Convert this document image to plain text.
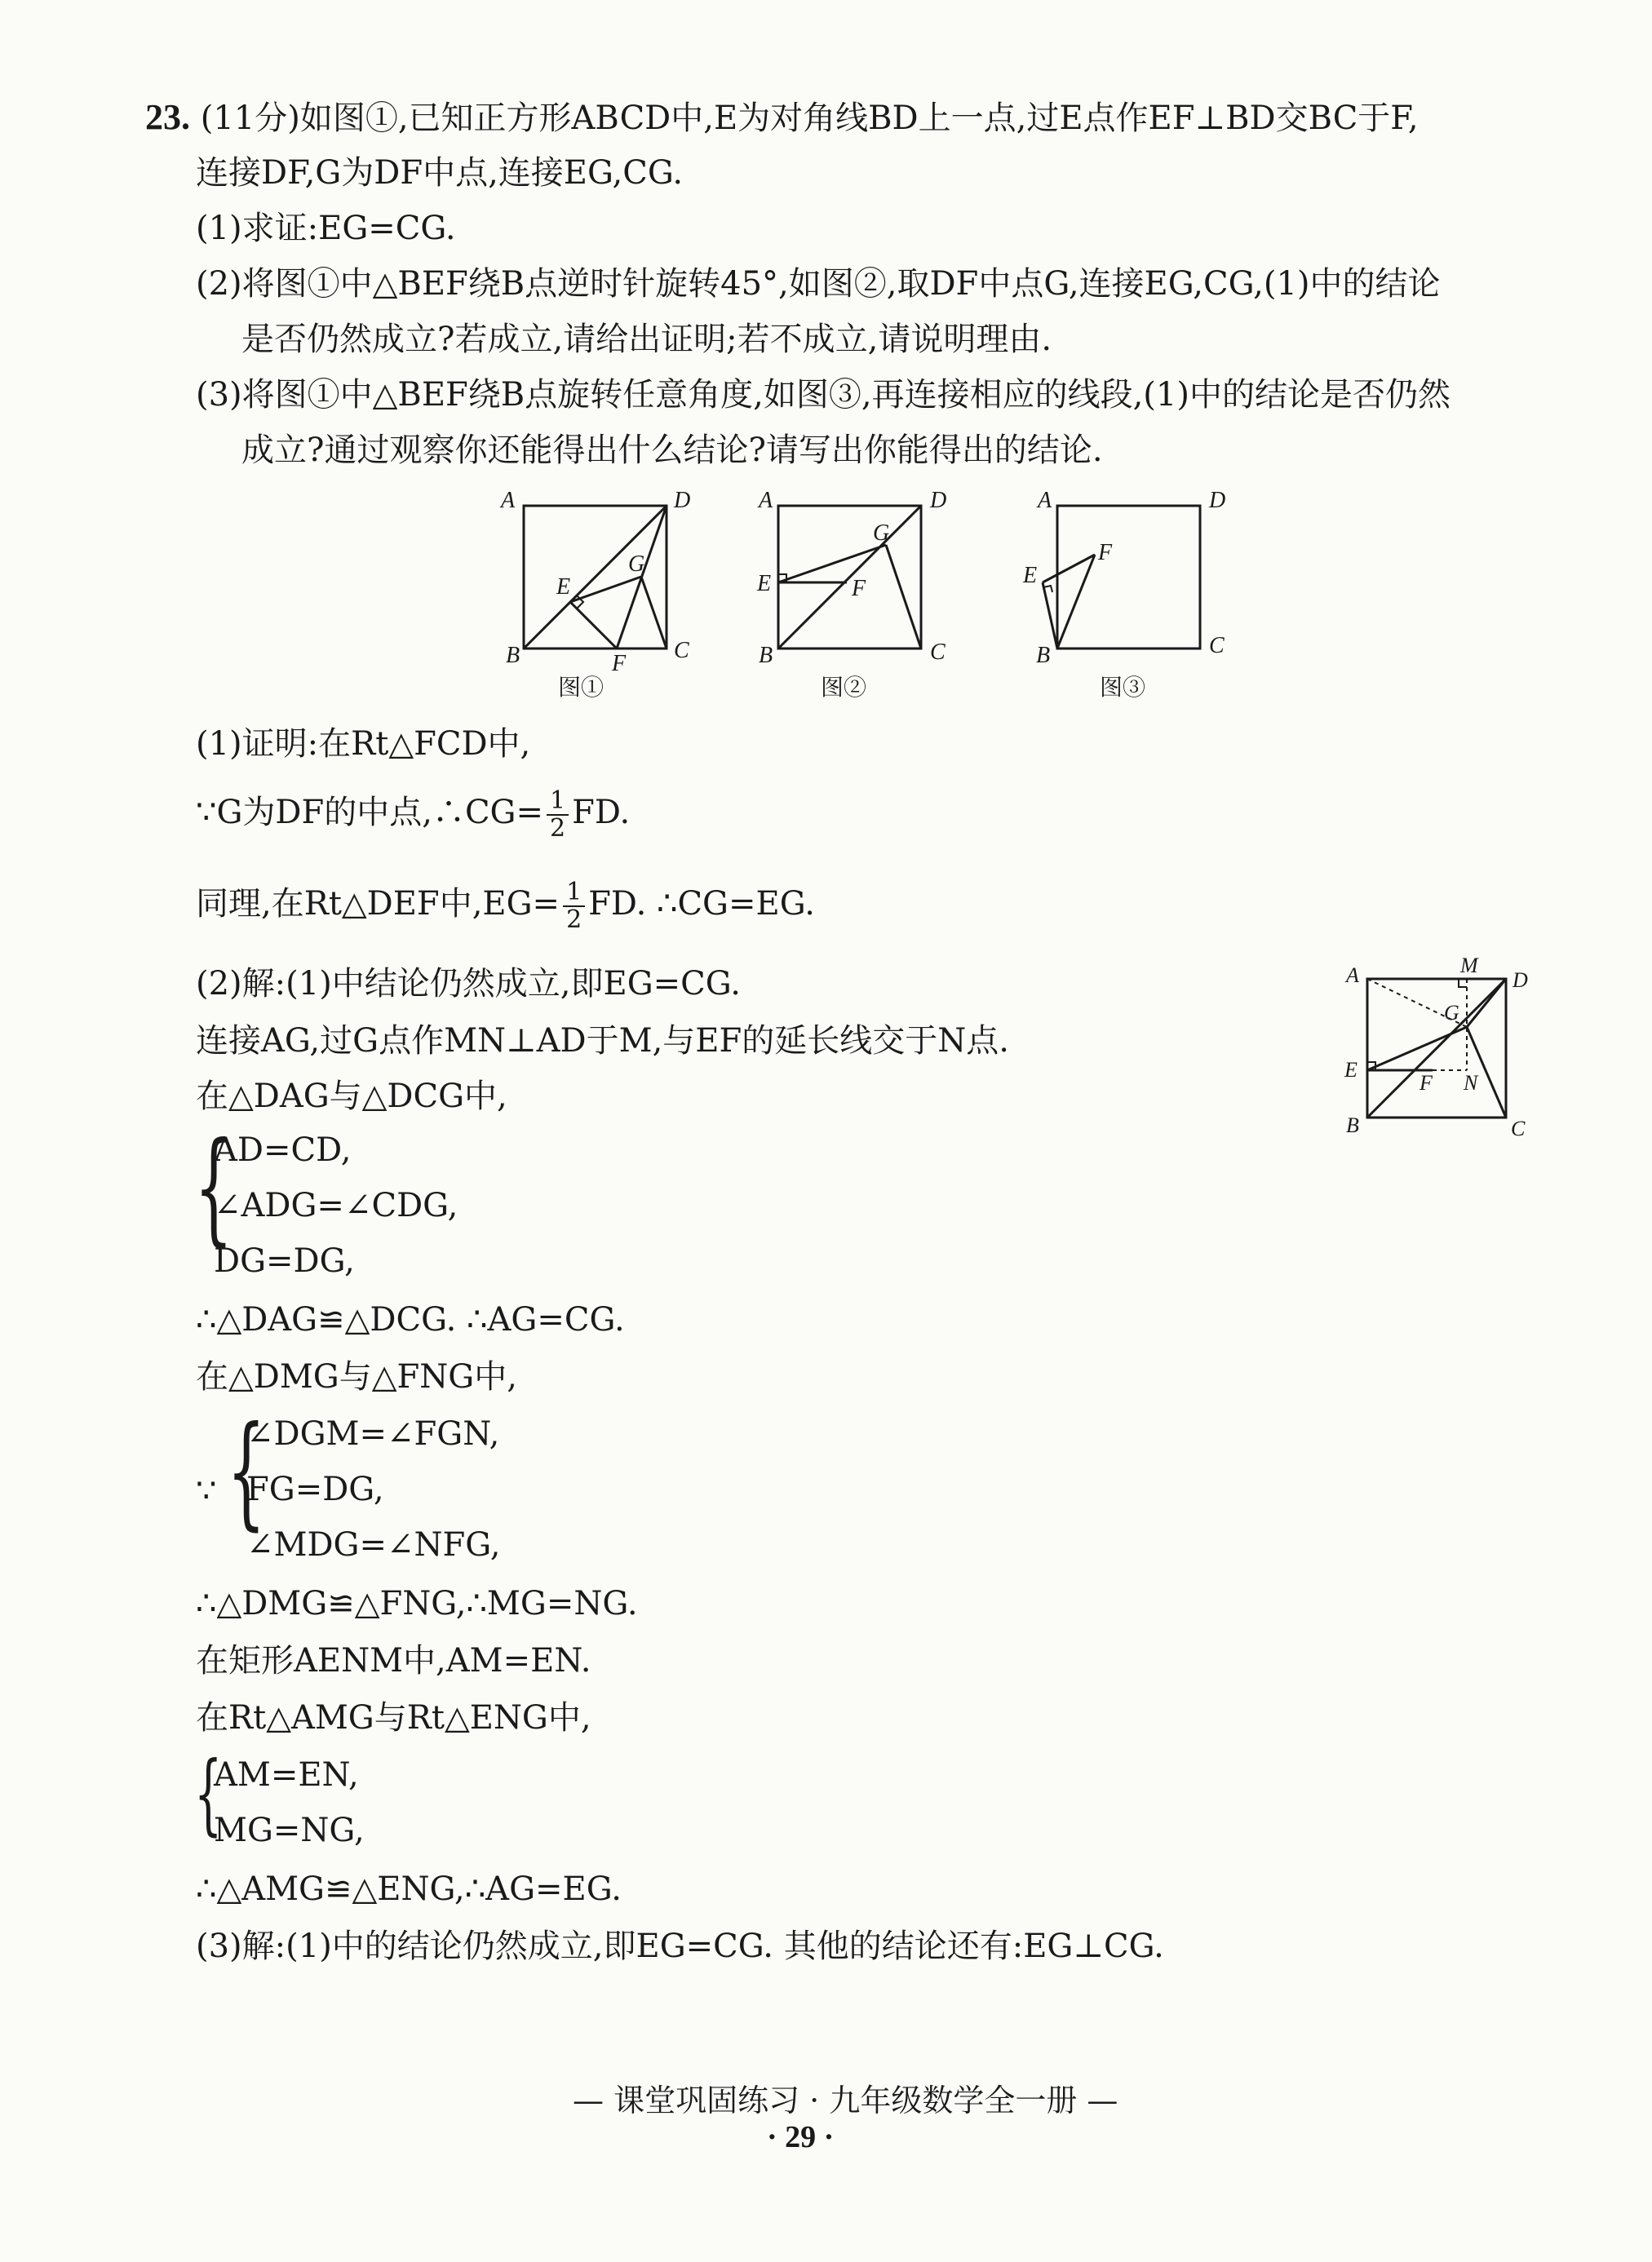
23. (11分)如图①,已知正方形ABCD中,E为对角线BD上一点,过E点作EF⊥BD交BC于F,
连接DF,G为DF中点,连接EG,CG.
(1)求证:EG=CG.
(2)将图①中△BEF绕B点逆时针旋转45°,如图②,取DF中点G,连接EG,CG,(1)中的结论
是否仍然成立?若成立,请给出证明;若不成立,请说明理由.
(3)将图①中△BEF绕B点旋转任意角度,如图③,再连接相应的线段,(1)中的结论是否仍然
成立?通过观察你还能得出什么结论?请写出你能得出的结论.
A	D
B	C
E
G
F
图①
A	D
B	C
E	F
G
图②
A	D
B	C
E
F
图③
(1)证明:在Rt△FCD中,
∵G为DF的中点,∴CG= $\frac{1}{2}$ FD.
同理,在Rt△DEF中$,EG= \frac{1}{2}$ FD. ∴CG=EG.
(2)解:(1)中结论仍然成立,即EG=CG.
连接AG,过G点作MN⊥AD于M,与EF的延长线交于N点.
在△DAG与△DCG中,
{
AD=CD,
∠ADG=∠CDG,
DG=DG,
∴△DAG≌△DCG. ∴AG=CG.
在△DMG与△FNG中,
∵ {
∠DGM=∠FGN,
FG=DG,
∠MDG=∠NFG,
∴△DMG≌△FNG,∴MG=NG.
在矩形AENM中,AM=EN.
在Rt△AMG与Rt△ENG中,
{
AM=EN,
MG=NG,
∴△AMG≌△ENG,∴AG=EG.
(3)解:(1)中的结论仍然成立,即EG=CG. 其他的结论还有:EG⊥CG.
A	D
B	C
E
F
G
M
N
— 课堂巩固练习 · 九年级数学全一册 —
· 29 ·
